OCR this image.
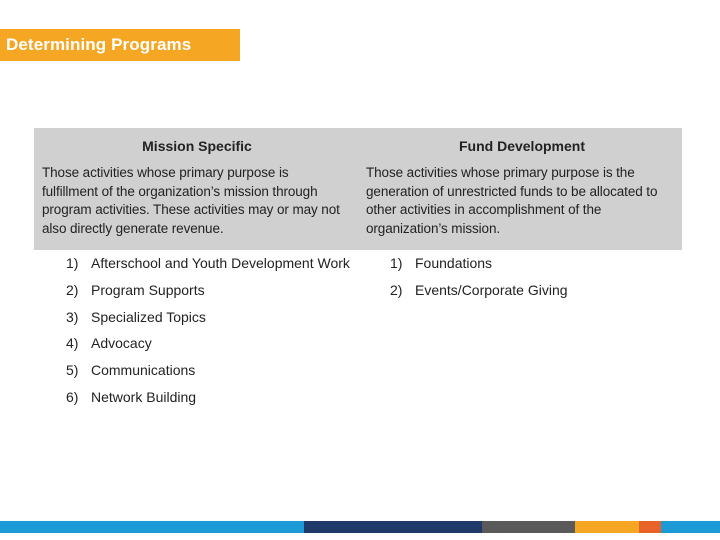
Determining Programs
Mission Specific

Those activities whose primary purpose is fulfillment of the organization’s mission through program activities. These activities may or may not also directly generate revenue.

Fund Development

Those activities whose primary purpose is the generation of unrestricted funds to be allocated to other activities in accomplishment of the organization’s mission.

1) Afterschool and Youth Development Work
2) Program Supports
3) Specialized Topics
4) Advocacy
5) Communications
6) Network Building
1) Foundations
2) Events/Corporate Giving
